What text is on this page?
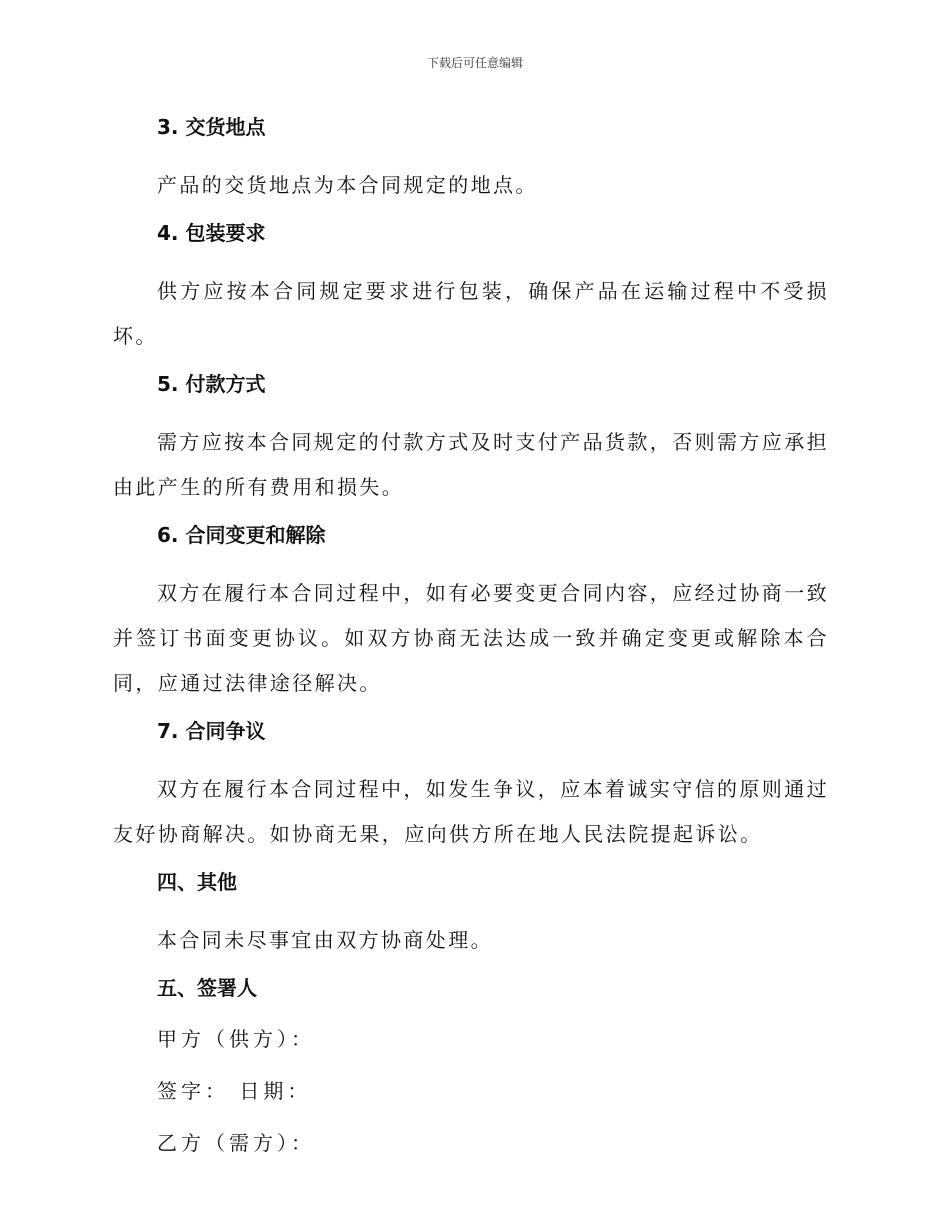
下载后可任意编辑
3. 交货地点

产品的交货地点为本合同规定的地点。

4. 包装要求

供方应按本合同规定要求进行包装，确保产品在运输过程中不受损坏。

5. 付款方式

需方应按本合同规定的付款方式及时支付产品货款，否则需方应承担由此产生的所有费用和损失。

6. 合同变更和解除

双方在履行本合同过程中，如有必要变更合同内容，应经过协商一致并签订书面变更协议。如双方协商无法达成一致并确定变更或解除本合同，应通过法律途径解决。

7. 合同争议

双方在履行本合同过程中，如发生争议，应本着诚实守信的原则通过友好协商解决。如协商无果，应向供方所在地人民法院提起诉讼。

四、其他

本合同未尽事宜由双方协商处理。

五、签署人
甲方（供方）：
签字： 日期：
乙方（需方）：
